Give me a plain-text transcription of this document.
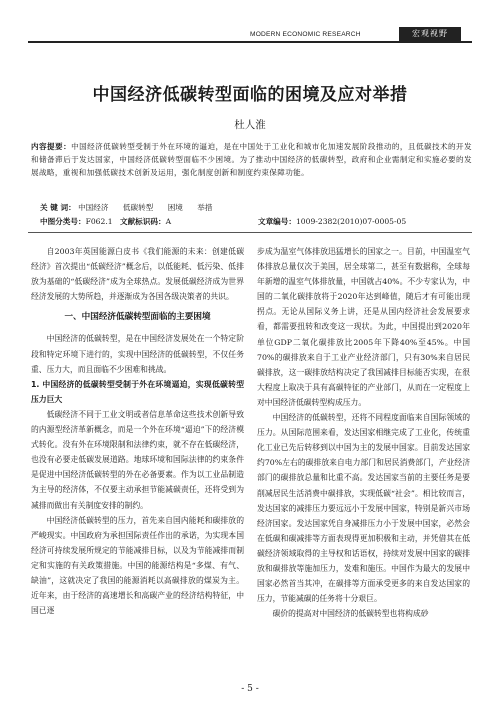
MODERN ECONOMIC RESEARCH	宏观视野
中国经济低碳转型面临的困境及应对举措
杜人淮
内容提要：中国经济低碳转型受制于外在环境的逼迫，是在中国处于工业化和城市化加速发展阶段推动的，且低碳技术的开发和储备滞后于发达国家，中国经济低碳转型面临不少困境。为了推动中国经济的低碳转型，政府和企业需制定和实施必要的发展战略，重视和加强低碳技术创新及运用，强化制度创新和制度约束保障功能。
关 键 词： 中国经济 低碳转型 困境 举措
中图分类号：F062.1 文献标识码：A	文章编号：1009-2382(2010)07-0005-05

自2003年英国能源白皮书《我们能源的未来：创建低碳经济》首次提出“低碳经济”概念后，以低能耗、低污染、低排放为基础的“低碳经济”成为全球热点。发展低碳经济成为世界经济发展的大势所趋，并逐渐成为各国各级决策者的共识。

一、中国经济低碳转型面临的主要困境

中国经济的低碳转型，是在中国经济发展处在一个特定阶段和特定环境下进行的，实现中国经济的低碳转型，不仅任务重、压力大，而且面临不少困难和挑战。

1. 中国经济的低碳转型受制于外在环境逼迫，实现低碳转型压力巨大

低碳经济不同于工业文明或者信息革命这些技术创新导致的内源型经济革新概念，而是一个外在环境“逼迫”下的经济模式转化。没有外在环境限制和法律约束，就不存在低碳经济，也没有必要走低碳发展道路。地球环境和国际法律的约束条件是促进中国经济低碳转型的外在必备要素。作为以工业品制造为主导的经济体，不仅要主动承担节能减碳责任，还将受到为减排而做出有关制度安排的制约。

中国经济低碳转型的压力，首先来自国内能耗和碳排放的严峻现实。中国政府为承担国际责任作出的承诺，为实现本国经济可持续发展所规定的节能减排目标，以及为节能减排而制定和实施的有关政策措施。中国的能源结构是“多煤、有气、缺油”，这就决定了我国的能源消耗以高碳排放的煤炭为主。近年来，由于经济的高速增长和高碳产业的经济结构特征，中国已逐

步成为温室气体排放迅猛增长的国家之一。目前，中国温室气体排放总量仅次于美国，居全球第二，甚至有数据称，全球每年新增的温室气体排放量，中国就占40%。不少专家认为，中国的二氧化碳排放将于2020年达到峰值，随后才有可能出现拐点。无论从国际义务上讲，还是从国内经济社会发展要求看，都需要扭转和改变这一现状。为此，中国提出到2020年单位GDP二氧化碳排放比2005年下降40%至45%。中国70%的碳排放来自于工业产业经济部门，只有30%来自居民碳排放，这一碳排放结构决定了我国减排目标能否实现，在很大程度上取决于具有高碳特征的产业部门，从而在一定程度上对中国经济低碳转型构成压力。

中国经济的低碳转型，还将不同程度面临来自国际领域的压力。从国际范围来看，发达国家相继完成了工业化，传统重化工业已先后转移到以中国为主的发展中国家。目前发达国家约70%左右的碳排放来自电力部门和居民消费部门，产业经济部门的碳排放总量和比重不高。发达国家当前的主要任务是要削减居民生活消费中碳排放，实现低碳“社会”。相比较而言，发达国家的减排压力要远远小于发展中国家，特别是新兴市场经济国家。发达国家凭自身减排压力小于发展中国家，必然会在低碳和碳减排等方面表现得更加积极和主动，并凭借其在低碳经济领域取得的主导权和话语权，持续对发展中国家的碳排放和碳排放等施加压力，发难和施压。中国作为最大的发展中国家必然首当其冲，在碳排等方面承受更多的来自发达国家的压力，节能减碳的任务将十分艰巨。

碳价的提高对中国经济的低碳转型也将构成砂

- 5 -
